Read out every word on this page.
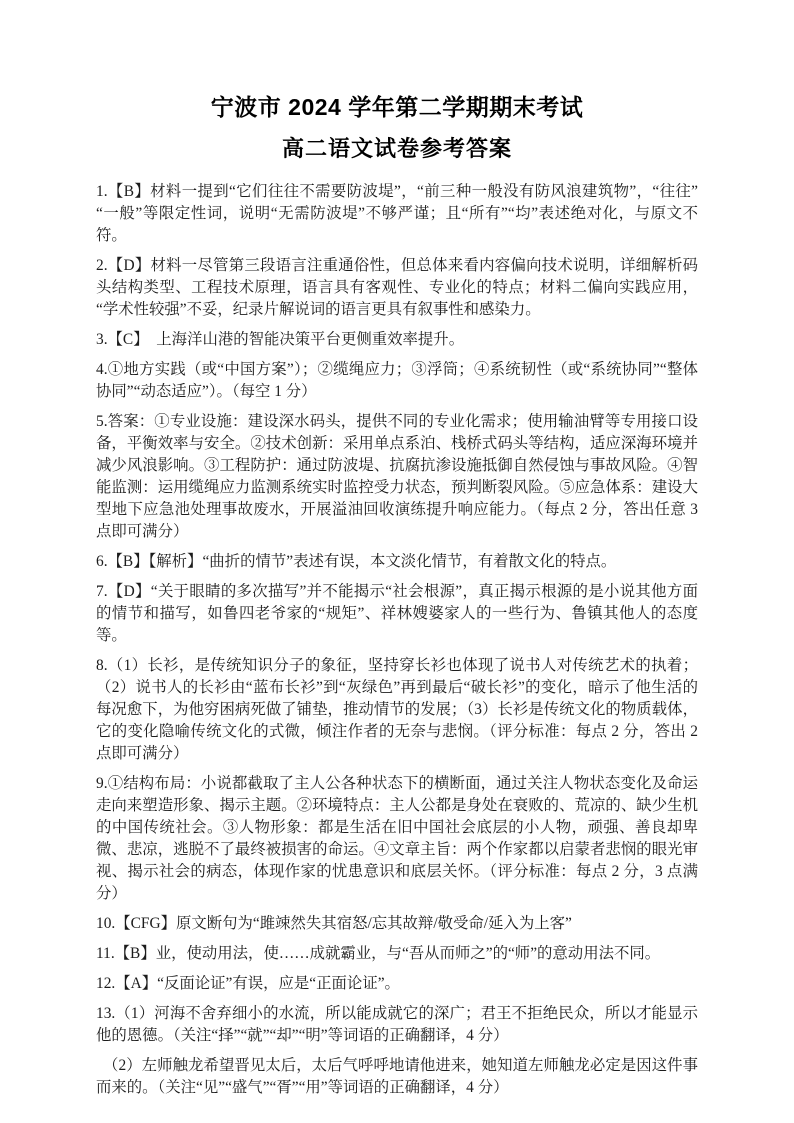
宁波市 2024 学年第二学期期末考试
高二语文试卷参考答案

1.【B】材料一提到“它们往往不需要防波堤”，“前三种一般没有防风浪建筑物”，“往往”“一般”等限定性词，说明“无需防波堤”不够严谨；且“所有”“均”表述绝对化，与原文不符。

2.【D】材料一尽管第三段语言注重通俗性，但总体来看内容偏向技术说明，详细解析码头结构类型、工程技术原理，语言具有客观性、专业化的特点；材料二偏向实践应用，“学术性较强”不妥，纪录片解说词的语言更具有叙事性和感染力。

3.【C】　上海洋山港的智能决策平台更侧重效率提升。

4.①地方实践（或“中国方案”）；②缆绳应力；③浮筒；④系统韧性（或“系统协同”“整体协同”“动态适应”）。（每空 1 分）

5.答案：①专业设施：建设深水码头，提供不同的专业化需求；使用输油臂等专用接口设备，平衡效率与安全。②技术创新：采用单点系泊、栈桥式码头等结构，适应深海环境并减少风浪影响。③工程防护：通过防波堤、抗腐抗渗设施抵御自然侵蚀与事故风险。④智能监测：运用缆绳应力监测系统实时监控受力状态，预判断裂风险。⑤应急体系：建设大型地下应急池处理事故废水，开展溢油回收演练提升响应能力。（每点 2 分，答出任意 3 点即可满分）

6.【B】【解析】“曲折的情节”表述有误，本文淡化情节，有着散文化的特点。

7.【D】“关于眼睛的多次描写”并不能揭示“社会根源”，真正揭示根源的是小说其他方面的情节和描写，如鲁四老爷家的“规矩”、祥林嫂婆家人的一些行为、鲁镇其他人的态度等。

8.（1）长衫，是传统知识分子的象征，坚持穿长衫也体现了说书人对传统艺术的执着；（2）说书人的长衫由“蓝布长衫”到“灰绿色”再到最后“破长衫”的变化，暗示了他生活的每况愈下，为他穷困病死做了铺垫，推动情节的发展；（3）长衫是传统文化的物质载体，它的变化隐喻传统文化的式微，倾注作者的无奈与悲悯。（评分标准：每点 2 分，答出 2 点即可满分）

9.①结构布局：小说都截取了主人公各种状态下的横断面，通过关注人物状态变化及命运走向来塑造形象、揭示主题。②环境特点：主人公都是身处在衰败的、荒凉的、缺少生机的中国传统社会。③人物形象：都是生活在旧中国社会底层的小人物，顽强、善良却卑微、悲凉，逃脱不了最终被损害的命运。④文章主旨：两个作家都以启蒙者悲悯的眼光审视、揭示社会的病态，体现作家的忧患意识和底层关怀。（评分标准：每点 2 分，3 点满分）

10.【CFG】原文断句为“雎竦然失其宿怒/忘其故辩/敬受命/延入为上客”

11.【B】业，使动用法，使……成就霸业，与“吾从而师之”的“师”的意动用法不同。

12.【A】“反面论证”有误，应是“正面论证”。

13.（1）河海不舍弃细小的水流，所以能成就它的深广；君王不拒绝民众，所以才能显示他的恩德。（关注“择”“就”“却”“明”等词语的正确翻译，4 分）

（2）左师触龙希望晋见太后，太后气呼呼地请他进来，她知道左师触龙必定是因这件事而来的。（关注“见”“盛气”“胥”“用”等词语的正确翻译，4 分）
